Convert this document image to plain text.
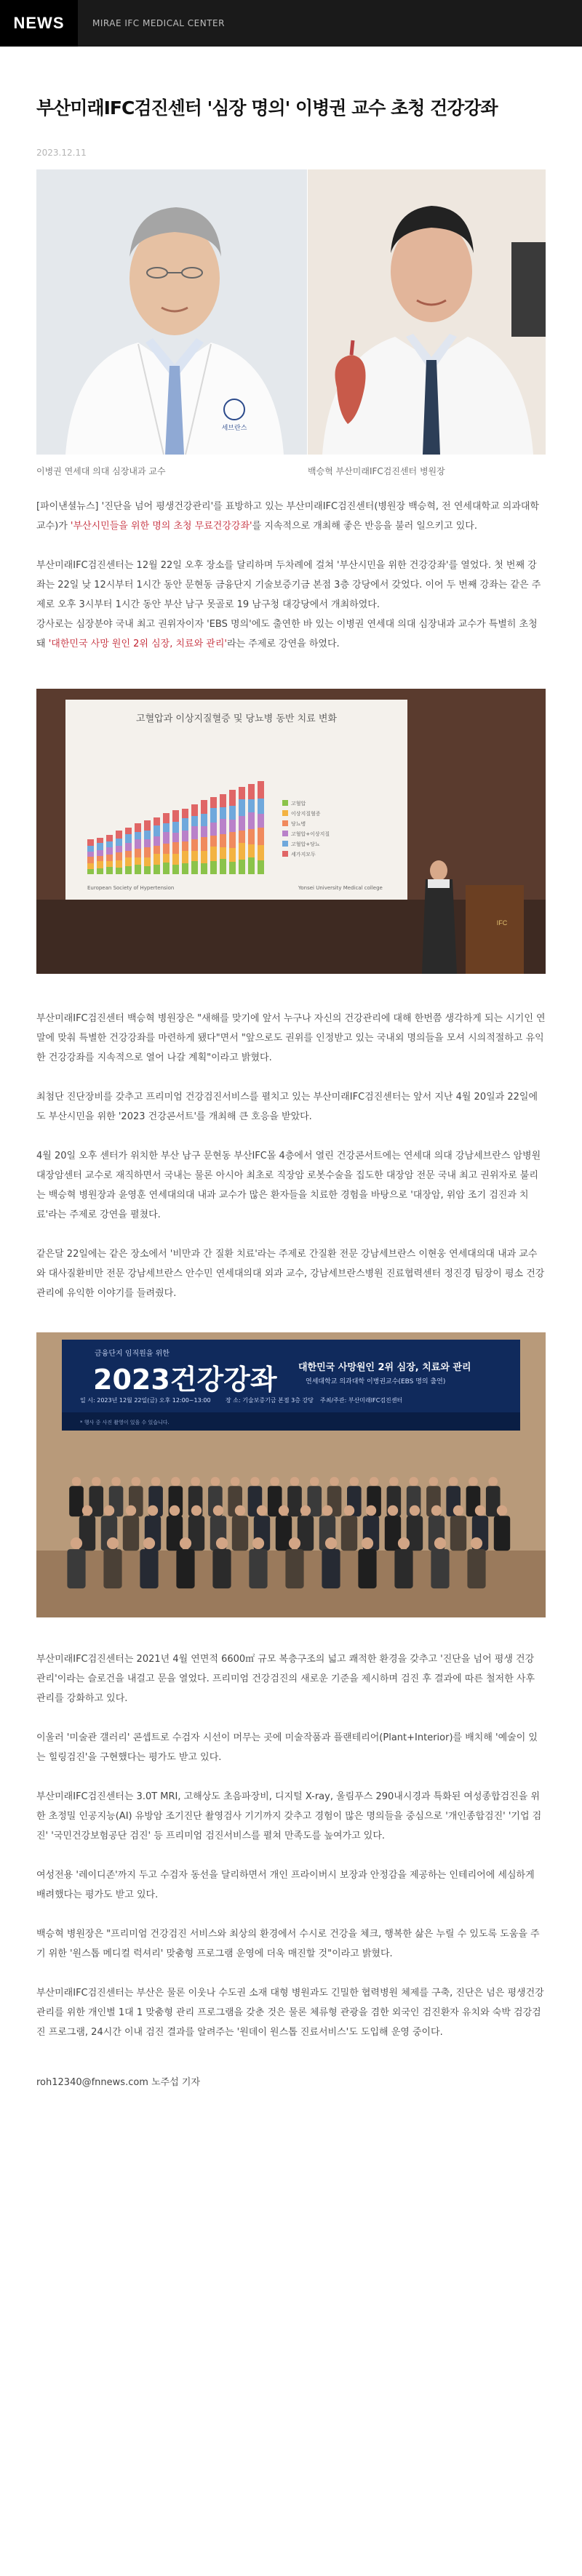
NEWS	MIRAE IFC MEDICAL CENTER
부산미래IFC검진센터 '심장 명의' 이병권 교수 초청 건강강좌
2023.12.11
세브란스
이병권 연세대 의대 심장내과 교수	백승혁 부산미래IFC검진센터 병원장

[파이낸셜뉴스] '진단을 넘어 평생건강관리'를 표방하고 있는 부산미래IFC검진센터(병원장 백승혁, 전 연세대학교 의과대학 교수)가 '부산시민들을 위한 명의 초청 무료건강강좌'를 지속적으로 개최해 좋은 반응을 불러 일으키고 있다.

부산미래IFC검진센터는 12월 22일 오후 장소를 달리하며 두차례에 걸쳐 '부산시민을 위한 건강강좌'를 열었다. 첫 번째 강좌는 22일 낮 12시부터 1시간 동안 문현동 금융단지 기술보증기금 본점 3층 강당에서 갖었다. 이어 두 번째 강좌는 같은 주제로 오후 3시부터 1시간 동안 부산 남구 못골로 19 남구청 대강당에서 개최하였다.

강사로는 심장분야 국내 최고 권위자이자 'EBS 명의'에도 출연한 바 있는 이병권 연세대 의대 심장내과 교수가 특별히 초청돼 '대한민국 사망 원인 2위 심장, 치료와 관리'라는 주제로 강연을 하였다.

고혈압과 이상지질혈증 및 당뇨병 동반 치료 변화
고혈압
이상지질혈증
당뇨병
고혈압+이상지질
고혈압+당뇨
세가지모두
European Society of Hypertension	Yonsei University Medical college
IFC

부산미래IFC검진센터 백승혁 병원장은 "새해를 맞기에 앞서 누구나 자신의 건강관리에 대해 한번쯤 생각하게 되는 시기인 연말에 맞춰 특별한 건강강좌를 마련하게 됐다"면서 "앞으로도 권위를 인정받고 있는 국내외 명의들을 모셔 시의적절하고 유익한 건강강좌를 지속적으로 열어 나갈 계획"이라고 밝혔다.

최첨단 진단장비를 갖추고 프리미엄 건강검진서비스를 펼치고 있는 부산미래IFC검진센터는 앞서 지난 4월 20일과 22일에도 부산시민을 위한 '2023 건강콘서트'를 개최해 큰 호응을 받았다.

4월 20일 오후 센터가 위치한 부산 남구 문현동 부산IFC몰 4층에서 열린 건강콘서트에는 연세대 의대 강남세브란스 암병원 대장암센터 교수로 재직하면서 국내는 물론 아시아 최초로 직장암 로봇수술을 집도한 대장암 전문 국내 최고 권위자로 불리는 백승혁 병원장과 윤영훈 연세대의대 내과 교수가 많은 환자들을 치료한 경험을 바탕으로 '대장암, 위암 조기 검진과 치료'라는 주제로 강연을 펼쳤다.

같은달 22일에는 같은 장소에서 '비만과 간 질환 치료'라는 주제로 간질환 전문 강남세브란스 이현웅 연세대의대 내과 교수와 대사질환비만 전문 강남세브란스 안수민 연세대의대 외과 교수, 강남세브란스병원 진료협력센터 정진경 팀장이 평소 건강관리에 유익한 이야기를 들려줬다.

금융단지 임직원을 위한
2023건강강좌 대한민국 사망원인 2위 심장, 치료와 관리
연세대학교 의과대학 이병권교수(EBS 명의 출연)
일 시: 2023년 12월 22일(금) 오후 12:00~13:00	장 소: 기술보증기금 본점 3층 강당 주최/주관: 부산미래IFC검진센터
* 행사 중 사진 촬영이 있을 수 있습니다.

부산미래IFC검진센터는 2021년 4월 연면적 6600㎡ 규모 복층구조의 넓고 쾌적한 환경을 갖추고 '진단을 넘어 평생 건강 관리'이라는 슬로건을 내걸고 문을 열었다. 프리미엄 건강검진의 새로운 기준을 제시하며 검진 후 결과에 따른 철저한 사후 관리를 강화하고 있다.

이울러 '미술관 갤러리' 콘셉트로 수검자 시선이 머무는 곳에 미술작품과 플랜테리어(Plant+Interior)를 배치해 '예술이 있는 힐링검진'을 구현했다는 평가도 받고 있다.

부산미래IFC검진센터는 3.0T MRI, 고해상도 초음파장비, 디지털 X-ray, 울림푸스 290내시경과 특화된 여성종합검진을 위한 초정밀 인공지능(AI) 유방암 조기진단 촬영검사 기기까지 갖추고 경험이 많은 명의들을 중심으로 '개인종합검진' '기업 검진' '국민건강보험공단 검진' 등 프리미엄 검진서비스를 펼쳐 만족도를 높여가고 있다.

여성전용 '레이디존'까지 두고 수검자 동선을 달리하면서 개인 프라이버시 보장과 안정감을 제공하는 인테리어에 세심하게 배려했다는 평가도 받고 있다.

백승혁 병원장은 "프리미엄 건강검진 서비스와 최상의 환경에서 수시로 건강을 체크, 행복한 삶은 누릴 수 있도록 도움을 주기 위한 '원스톱 메디컬 럭셔리' 맞춤형 프로그램 운영에 더욱 매진할 것"이라고 밝혔다.

부산미래IFC검진센터는 부산은 물론 이웃나 수도권 소재 대형 병원과도 긴밀한 협력병원 체제를 구축, 진단은 넘은 평생건강관리를 위한 개인별 1대 1 맞춤형 관리 프로그램을 갖춘 것은 물론 체류형 관광을 겸한 외국인 검진환자 유치와 숙박 검강검진 프로그램, 24시간 이내 검진 결과를 알려주는 '원데이 원스톱 진료서비스'도 도입해 운영 중이다.

roh12340@fnnews.com 노주섭 기자
